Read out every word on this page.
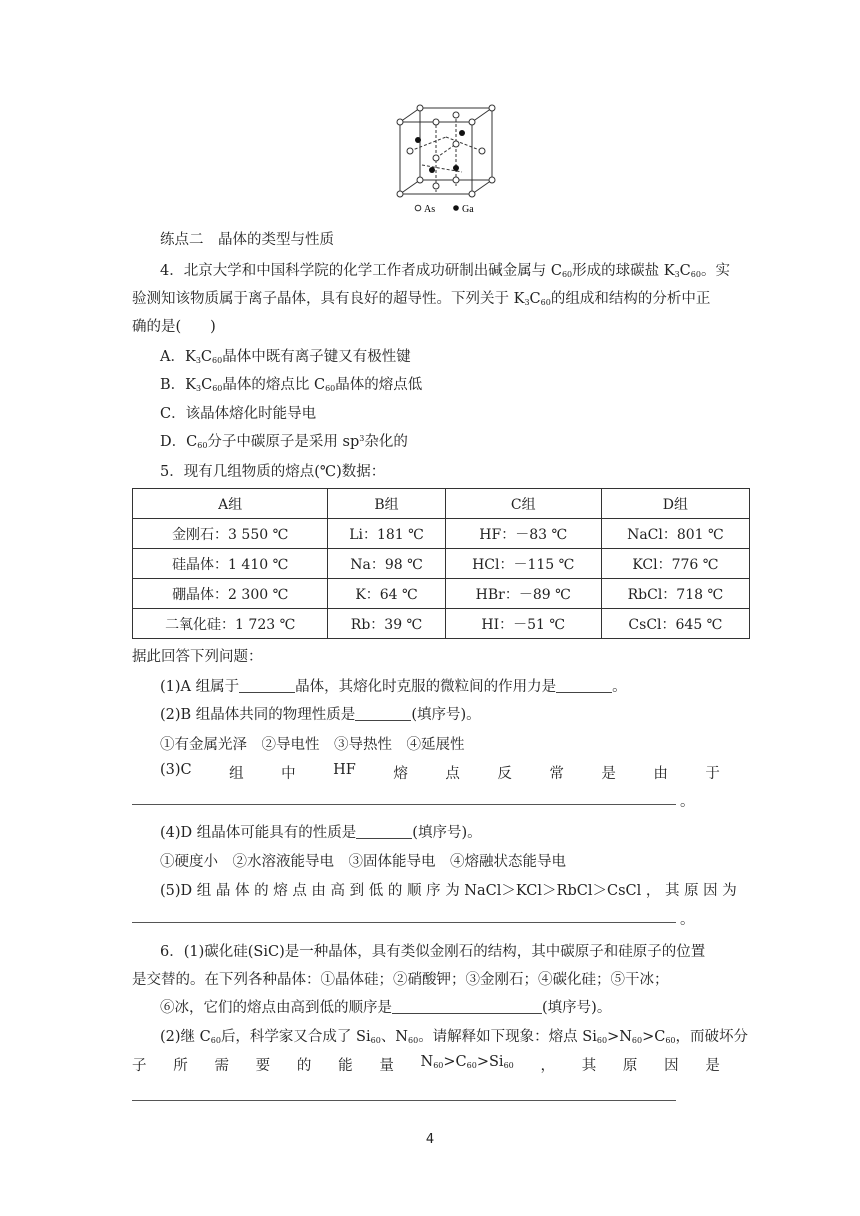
As	Ga
练点二　晶体的类型与性质
4．北京大学和中国科学院的化学工作者成功研制出碱金属与 $C_{60}$形成的球碳盐 $K_3C_{60}$。实
验测知该物质属于离子晶体，具有良好的超导性。下列关于 $K_3C_{60}$的组成和结构的分析中正
确的是(　　)
A．$K_3C_{60}$晶体中既有离子键又有极性键
B．$K_3C_{60}$晶体的熔点比 $C_{60}$晶体的熔点低
C．该晶体熔化时能导电
D．$C_{60}$分子中碳原子是采用 $sp^3$杂化的
5．现有几组物质的熔点(℃)数据：
A组	B组	C组	D组
金刚石：3 550 ℃	Li：181 ℃	HF：－83 ℃	NaCl：801 ℃
硅晶体：1 410 ℃	Na：98 ℃	HCl：－115 ℃	KCl：776 ℃
硼晶体：2 300 ℃	K：64 ℃	HBr：－89 ℃	RbCl：718 ℃
二氧化硅：1 723 ℃	Rb：39 ℃	HI：－51 ℃	CsCl：645 ℃
据此回答下列问题：
(1)A 组属于	晶体，其熔化时克服的微粒间的作用力是	。
(2)B 组晶体共同的物理性质是	(填序号)。
①有金属光泽　②导电性　③导热性　④延展性
(3)C	组	中	HF	熔	点	反	常	是	由	于
。
(4)D 组晶体可能具有的性质是	(填序号)。
①硬度小　②水溶液能导电　③固体能导电　④熔融状态能导电
(5)D 组 晶 体 的 熔 点 由 高 到 低 的 顺 序 为 NaCl＞KCl＞RbCl＞CsCl ， 其 原 因 为
。
6．(1)碳化硅(SiC)是一种晶体，具有类似金刚石的结构，其中碳原子和硅原子的位置
是交替的。在下列各种晶体：①晶体硅；②硝酸钾；③金刚石；④碳化硅；⑤干冰；
⑥冰，它们的熔点由高到低的顺序是	(填序号)。
(2)继 $C_{60}$后，科学家又合成了 $Si_{60}$、$N_{60}$。请解释如下现象：熔点 $Si_{60}>N_{60}>C_{60}$，而破坏分
子 所 需 要 的 能 量 $N_{60}>C_{60}>Si_{60}$ ， 其 原 因 是
4
